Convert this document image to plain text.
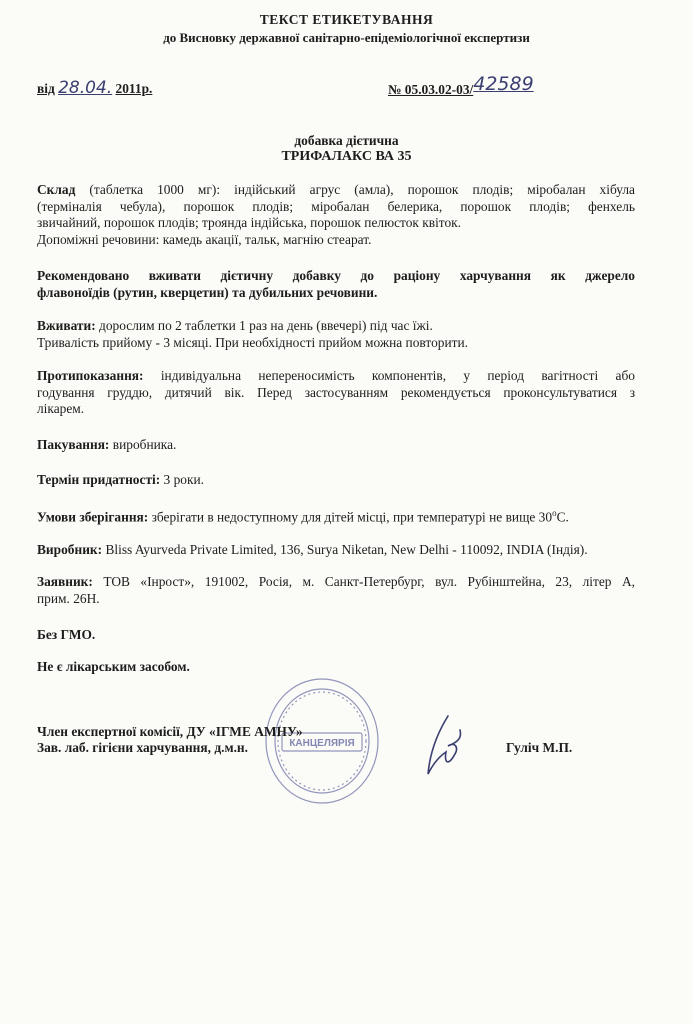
ТЕКСТ ЕТИКЕТУВАННЯ
до Висновку державної санітарно-епідеміологічної експертизи
від 28.04. 2011р.	№ 05.03.02-03/42589
добавка дієтична
ТРИФАЛАКС ВА 35
Склад (таблетка 1000 мг): індійський агрус (амла), порошок плодів; міробалан хібула
(терміналія чебула), порошок плодів; міробалан белерика, порошок плодів; фенхель
звичайний, порошок плодів; троянда індійська, порошок пелюсток квіток.
Допоміжні речовини: камедь акації, тальк, магнію стеарат.
Рекомендовано вживати дієтичну добавку до раціону харчування як джерело
флавоноїдів (рутин, кверцетин) та дубильних речовини.
Вживати: дорослим по 2 таблетки 1 раз на день (ввечері) під час їжі.
Тривалість прийому - 3 місяці. При необхідності прийом можна повторити.
Протипоказання: індивідуальна непереносимість компонентів, у період вагітності або
годування груддю, дитячий вік. Перед застосуванням рекомендується проконсультуватися з
лікарем.
Пакування: виробника.
Термін придатності: 3 роки.
Умови зберігання: зберігати в недоступному для дітей місці, при температурі не вище $30^оС$.
Виробник: Bliss Ayurveda Private Limited, 136, Surya Niketan, New Delhi - 110092, INDIA (Індія).
Заявник: ТОВ «Інрост», 191002, Росія, м. Санкт-Петербург, вул. Рубінштейна, 23, літер А,
прим. 26Н.
Без ГМО.
Не є лікарським засобом.
КАНЦЕЛЯРІЯ
Член експертної комісії, ДУ «ІГМЕ АМНУ»
Зав. лаб. гігієни харчування, д.м.н.	Гуліч М.П.
